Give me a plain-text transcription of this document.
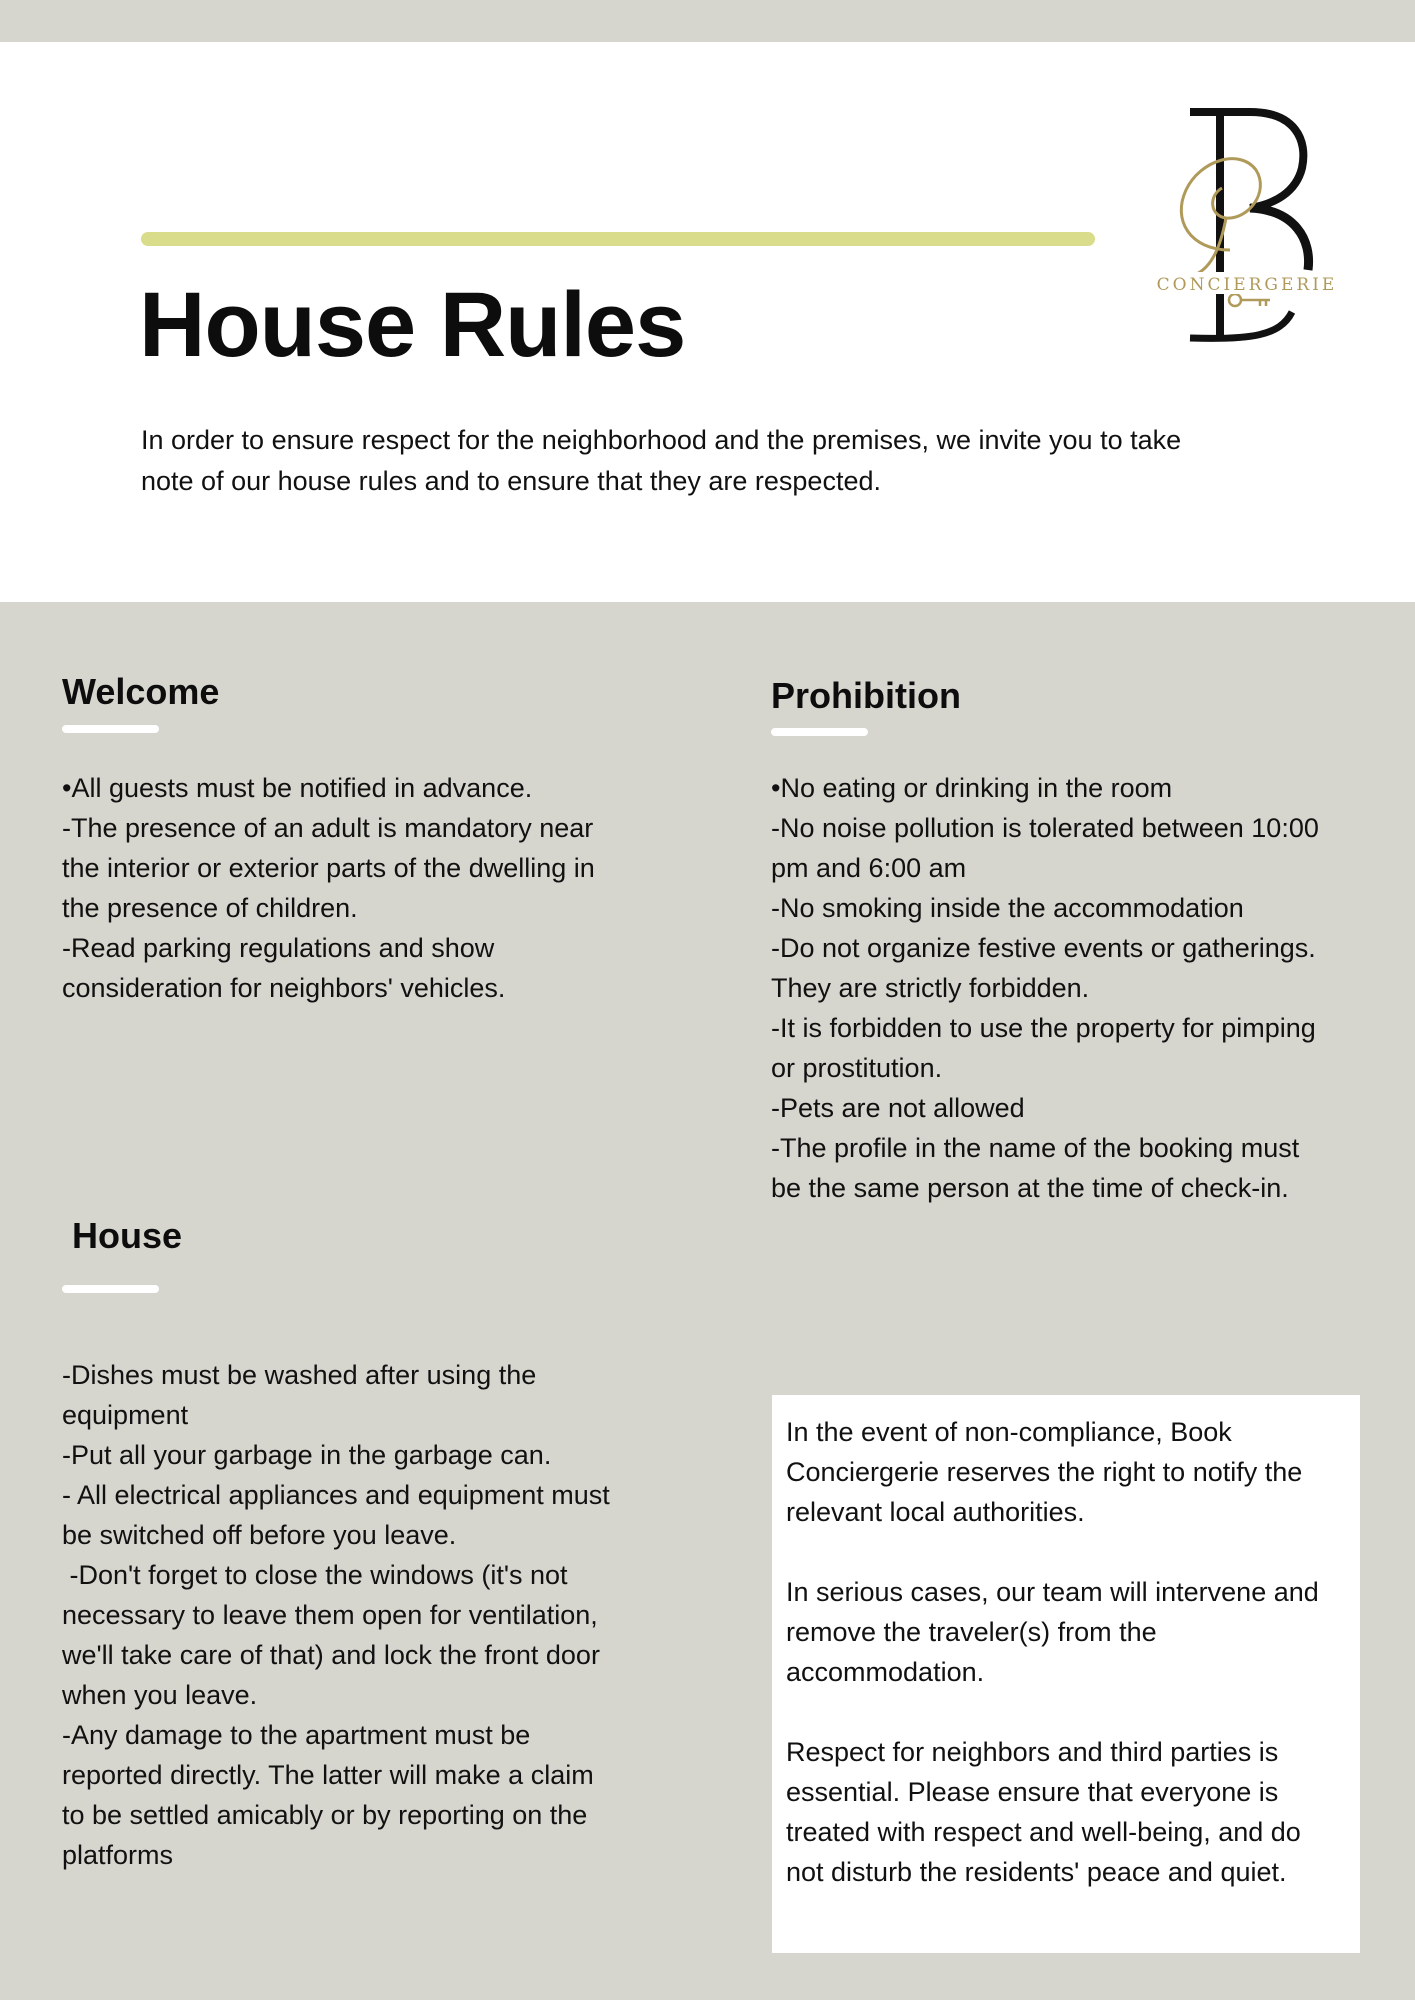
House Rules

In order to ensure respect for the neighborhood and the premises, we invite you to take
note of our house rules and to ensure that they are respected.

CONCIERGERIE
Welcome

•All guests must be notified in advance.
-The presence of an adult is mandatory near
the interior or exterior parts of the dwelling in
the presence of children.
-Read parking regulations and show
consideration for neighbors' vehicles.

Prohibition

•No eating or drinking in the room
-No noise pollution is tolerated between 10:00
pm and 6:00 am
-No smoking inside the accommodation
-Do not organize festive events or gatherings.
They are strictly forbidden.
-It is forbidden to use the property for pimping
or prostitution.
-Pets are not allowed
-The profile in the name of the booking must
be the same person at the time of check-in.

House

-Dishes must be washed after using the
equipment
-Put all your garbage in the garbage can.
- All electrical appliances and equipment must
be switched off before you leave.
-Don't forget to close the windows (it's not
necessary to leave them open for ventilation,
we'll take care of that) and lock the front door
when you leave.
-Any damage to the apartment must be
reported directly. The latter will make a claim
to be settled amicably or by reporting on the
platforms

In the event of non-compliance, Book
Conciergerie reserves the right to notify the
relevant local authorities.
In serious cases, our team will intervene and
remove the traveler(s) from the
accommodation.
Respect for neighbors and third parties is
essential. Please ensure that everyone is
treated with respect and well-being, and do
not disturb the residents' peace and quiet.
